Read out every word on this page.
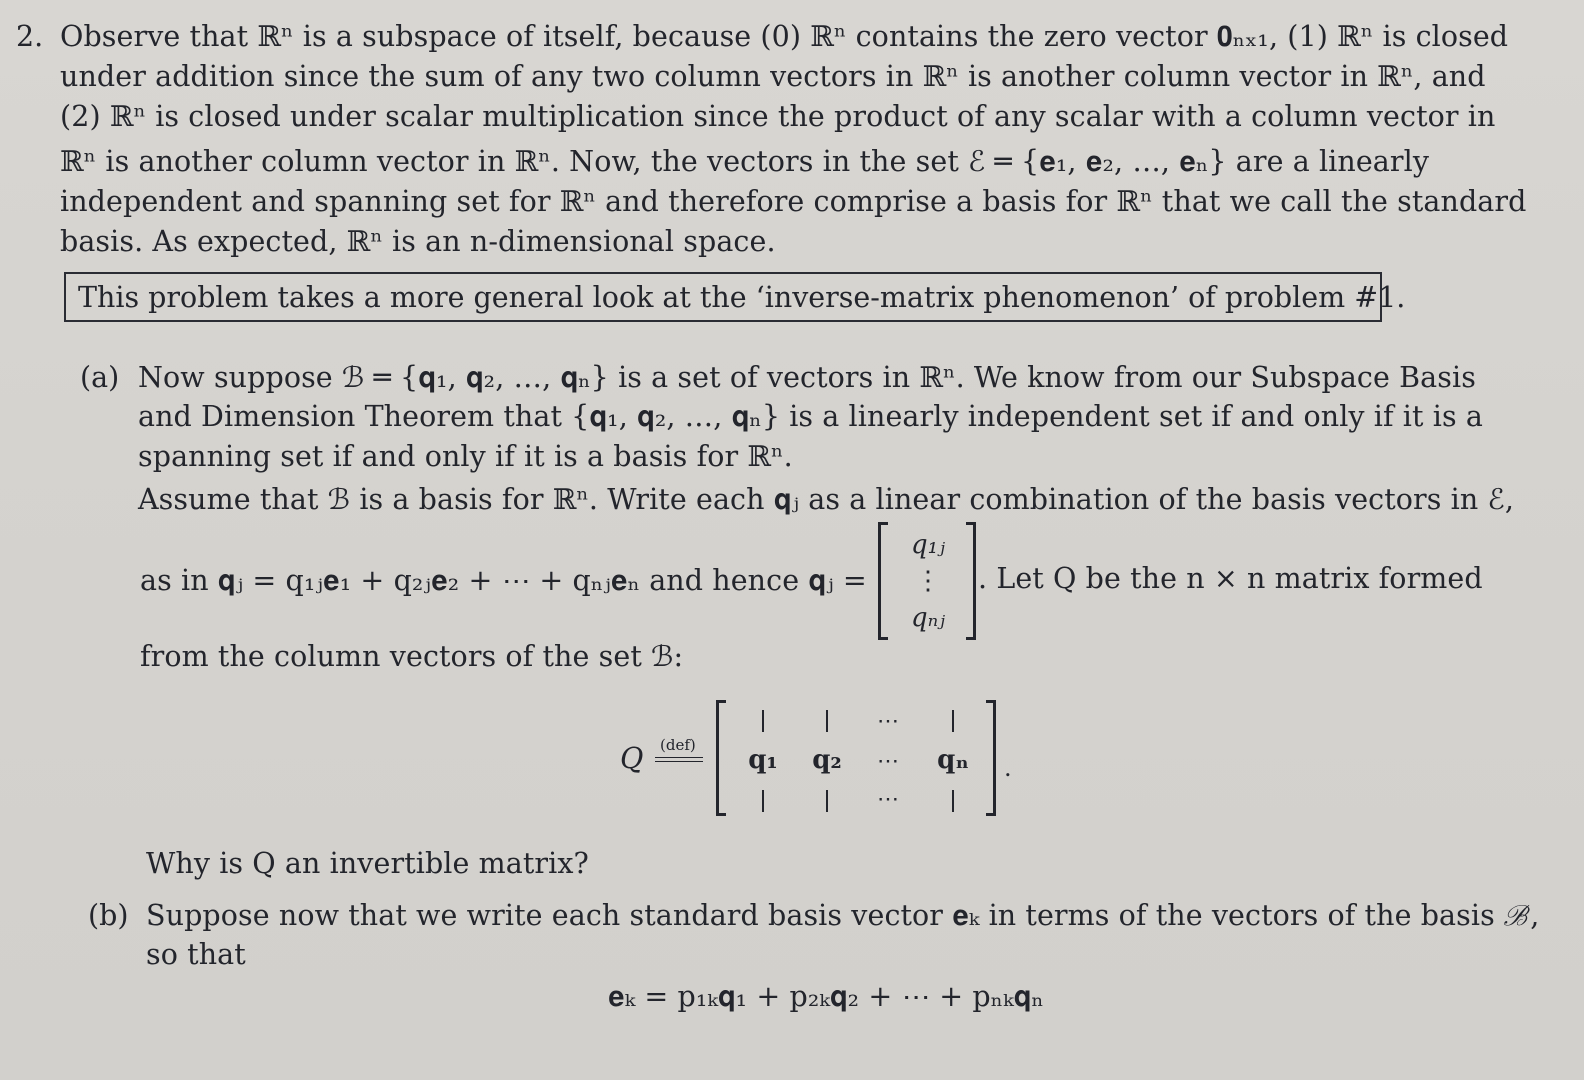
2. Observe that ℝⁿ is a subspace of itself, because (0) ℝⁿ contains the zero vector 𝟎ₙₓ₁, (1) ℝⁿ is closed
under addition since the sum of any two column vectors in ℝⁿ is another column vector in ℝⁿ, and
(2) ℝⁿ is closed under scalar multiplication since the product of any scalar with a column vector in
ℝⁿ is another column vector in ℝⁿ. Now, the vectors in the set ℰ ═ {𝐞₁, 𝐞₂, …, 𝐞ₙ} are a linearly
independent and spanning set for ℝⁿ and therefore comprise a basis for ℝⁿ that we call the standard
basis. As expected, ℝⁿ is an n-dimensional space.
This problem takes a more general look at the ‘inverse-matrix phenomenon’ of problem #1.
(a) Now suppose ℬ ═ {𝐪₁, 𝐪₂, …, 𝐪ₙ} is a set of vectors in ℝⁿ. We know from our Subspace Basis
and Dimension Theorem that {𝐪₁, 𝐪₂, …, 𝐪ₙ} is a linearly independent set if and only if it is a
spanning set if and only if it is a basis for ℝⁿ.
Assume that ℬ is a basis for ℝⁿ. Write each 𝐪ⱼ as a linear combination of the basis vectors in ℰ,
as in 𝐪ⱼ = q₁ⱼ𝐞₁ + q₂ⱼ𝐞₂ + ⋯ + qₙⱼ𝐞ₙ and hence 𝐪ⱼ =
q₁ⱼ
⋮
qₙⱼ
. Let Q be the n × n matrix formed
from the column vectors of the set ℬ:
Q (def)	q₁	q₂
⋯
⋯
⋯
qₙ	.
Why is Q an invertible matrix?
(b) Suppose now that we write each standard basis vector 𝐞ₖ in terms of the vectors of the basis ℬ,
so that
𝐞ₖ = p₁ₖ𝐪₁ + p₂ₖ𝐪₂ + ⋯ + pₙₖ𝐪ₙ
